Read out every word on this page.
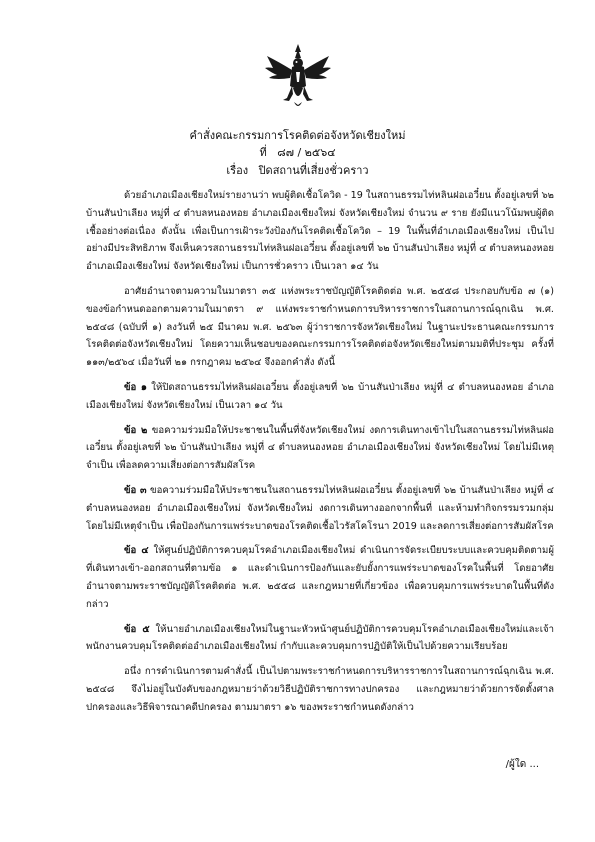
คำสั่งคณะกรรมการโรคติดต่อจังหวัดเชียงใหม่
ที่ ๘๗ / ๒๕๖๔
เรื่อง ปิดสถานที่เสี่ยงชั่วคราว

ด้วยอำเภอเมืองเชียงใหม่รายงานว่า พบผู้ติดเชื้อโควิด - 19 ในสถานธรรมไท่หลินฝอเอวี๋ยน ตั้งอยู่เลขที่ ๖๒ บ้านสันป่าเลียง หมู่ที่ ๔ ตำบลหนองหอย อำเภอเมืองเชียงใหม่ จังหวัดเชียงใหม่ จำนวน ๙ ราย ยังมีแนวโน้มพบผู้ติดเชื้ออย่างต่อเนื่อง ดังนั้น เพื่อเป็นการเฝ้าระวังป้องกันโรคติดเชื้อโควิด – 19 ในพื้นที่อำเภอเมืองเชียงใหม่ เป็นไปอย่างมีประสิทธิภาพ จึงเห็นควรสถานธรรมไท่หลินฝอเอวี๋ยน ตั้งอยู่เลขที่ ๖๒ บ้านสันป่าเลียง หมู่ที่ ๔ ตำบลหนองหอย อำเภอเมืองเชียงใหม่ จังหวัดเชียงใหม่ เป็นการชั่วคราว เป็นเวลา ๑๔ วัน

อาศัยอำนาจตามความในมาตรา ๓๕ แห่งพระราชบัญญัติโรคติดต่อ พ.ศ. ๒๕๕๘ ประกอบกับข้อ ๗ (๑) ของข้อกำหนดออกตามความในมาตรา ๙ แห่งพระราชกำหนดการบริหารราชการในสถานการณ์ฉุกเฉิน พ.ศ. ๒๕๔๘ (ฉบับที่ ๑) ลงวันที่ ๒๕ มีนาคม พ.ศ. ๒๕๖๓ ผู้ว่าราชการจังหวัดเชียงใหม่ ในฐานะประธานคณะกรรมการโรคติดต่อจังหวัดเชียงใหม่ โดยความเห็นชอบของคณะกรรมการโรคติดต่อจังหวัดเชียงใหม่ตามมติที่ประชุม ครั้งที่ ๑๑๓/๒๕๖๔ เมื่อวันที่ ๒๑ กรกฎาคม ๒๕๖๔ จึงออกคำสั่ง ดังนี้

ข้อ ๑ ให้ปิดสถานธรรมไท่หลินฝอเอวี๋ยน ตั้งอยู่เลขที่ ๖๒ บ้านสันป่าเลียง หมู่ที่ ๔ ตำบลหนองหอย อำเภอเมืองเชียงใหม่ จังหวัดเชียงใหม่ เป็นเวลา ๑๔ วัน

ข้อ ๒ ขอความร่วมมือให้ประชาชนในพื้นที่จังหวัดเชียงใหม่ งดการเดินทางเข้าไปในสถานธรรมไท่หลินฝอเอวี๋ยน ตั้งอยู่เลขที่ ๖๒ บ้านสันป่าเลียง หมู่ที่ ๔ ตำบลหนองหอย อำเภอเมืองเชียงใหม่ จังหวัดเชียงใหม่ โดยไม่มีเหตุจำเป็น เพื่อลดความเสี่ยงต่อการสัมผัสโรค

ข้อ ๓ ขอความร่วมมือให้ประชาชนในสถานธรรมไท่หลินฝอเอวี๋ยน ตั้งอยู่เลขที่ ๖๒ บ้านสันป่าเลียง หมู่ที่ ๔ ตำบลหนองหอย อำเภอเมืองเชียงใหม่ จังหวัดเชียงใหม่ งดการเดินทางออกจากพื้นที่ และห้ามทำกิจกรรมรวมกลุ่มโดยไม่มีเหตุจำเป็น เพื่อป้องกันการแพร่ระบาดของโรคติดเชื้อไวรัสโคโรนา 2019 และลดการเสี่ยงต่อการสัมผัสโรค

ข้อ ๔ ให้ศูนย์ปฏิบัติการควบคุมโรคอำเภอเมืองเชียงใหม่ ดำเนินการจัดระเบียบระบบและควบคุมติดตามผู้ที่เดินทางเข้า-ออกสถานที่ตามข้อ ๑ และดำเนินการป้องกันและยับยั้งการแพร่ระบาดของโรคในพื้นที่ โดยอาศัยอำนาจตามพระราชบัญญัติโรคติดต่อ พ.ศ. ๒๕๕๘ และกฎหมายที่เกี่ยวข้อง เพื่อควบคุมการแพร่ระบาดในพื้นที่ดังกล่าว

ข้อ ๕ ให้นายอำเภอเมืองเชียงใหม่ในฐานะหัวหน้าศูนย์ปฏิบัติการควบคุมโรคอำเภอเมืองเชียงใหม่และเจ้าพนักงานควบคุมโรคติดต่ออำเภอเมืองเชียงใหม่ กำกับและควบคุมการปฏิบัติให้เป็นไปด้วยความเรียบร้อย

อนึ่ง การดำเนินการตามคำสั่งนี้ เป็นไปตามพระราชกำหนดการบริหารราชการในสถานการณ์ฉุกเฉิน พ.ศ. ๒๕๔๘ จึงไม่อยู่ในบังคับของกฎหมายว่าด้วยวิธีปฏิบัติราชการทางปกครอง และกฎหมายว่าด้วยการจัดตั้งศาลปกครองและวิธีพิจารณาคดีปกครอง ตามมาตรา ๑๖ ของพระราชกำหนดดังกล่าว

/ผู้ใด ...
